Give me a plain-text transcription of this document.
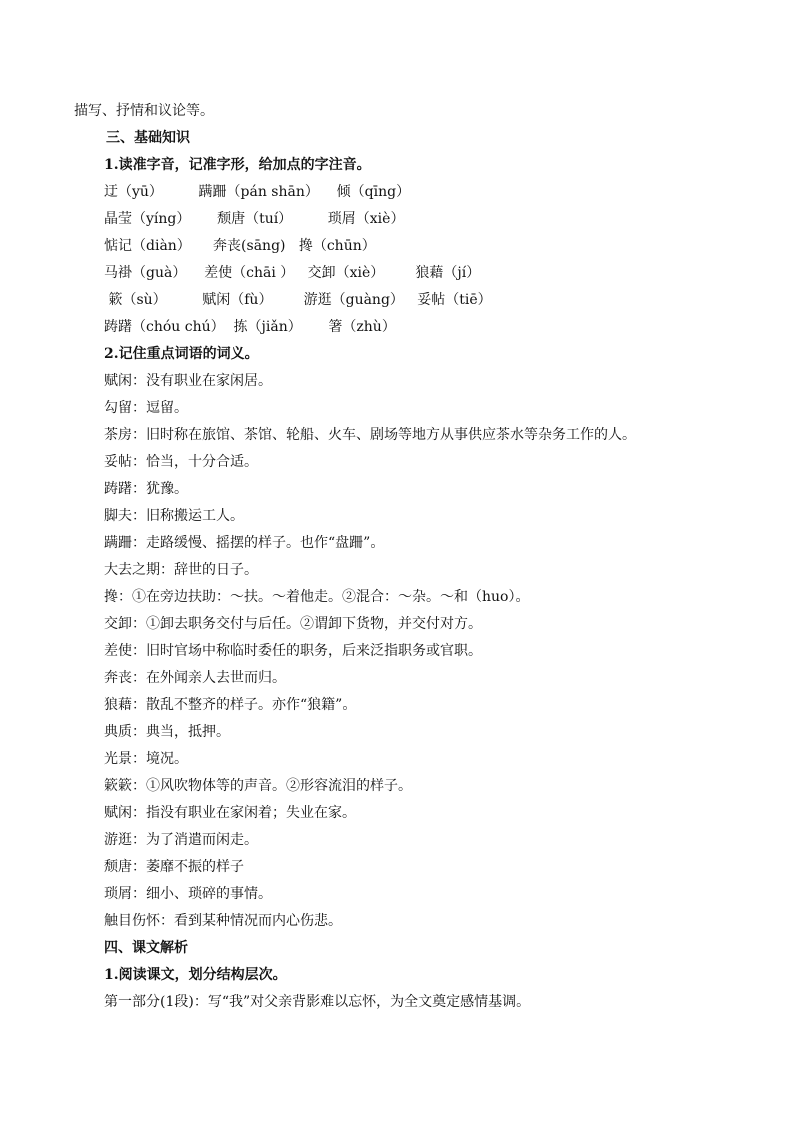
描写、抒情和议论等。
三、基础知识
1.读准字音，记准字形，给加点的字注音。
迂（yū）        蹒跚（pán shān）    倾（qīng）
晶莹（yíng）      颓唐（tuí）        琐屑（xiè）
惦记（diàn）     奔丧(sāng)   搀（chūn）
马褂（guà）    差使（chāi ）   交卸（xiè）       狼藉（jí）
簌（sù）        赋闲（fù）       游逛（guàng）   妥帖（tiē）
踌躇（chóu chú）  拣（jiǎn）      箸（zhù）
2.记住重点词语的词义。
赋闲：没有职业在家闲居。
勾留：逗留。
茶房：旧时称在旅馆、茶馆、轮船、火车、剧场等地方从事供应茶水等杂务工作的人。
妥帖：恰当，十分合适。
踌躇：犹豫。
脚夫：旧称搬运工人。
蹒跚：走路缓慢、摇摆的样子。也作“盘跚”。
大去之期：辞世的日子。
搀：①在旁边扶助：～扶。～着他走。②混合：～杂。～和（huo）。
交卸：①卸去职务交付与后任。②谓卸下货物，并交付对方。
差使：旧时官场中称临时委任的职务，后来泛指职务或官职。
奔丧：在外闻亲人去世而归。
狼藉：散乱不整齐的样子。亦作“狼籍”。
典质：典当，抵押。
光景：境况。
簌簌：①风吹物体等的声音。②形容流泪的样子。
赋闲：指没有职业在家闲着；失业在家。
游逛：为了消遣而闲走。
颓唐：萎靡不振的样子
琐屑：细小、琐碎的事情。
触目伤怀：看到某种情况而内心伤悲。
四、课文解析
1.阅读课文，划分结构层次。
第一部分(1段)：写“我”对父亲背影难以忘怀，为全文奠定感情基调。
